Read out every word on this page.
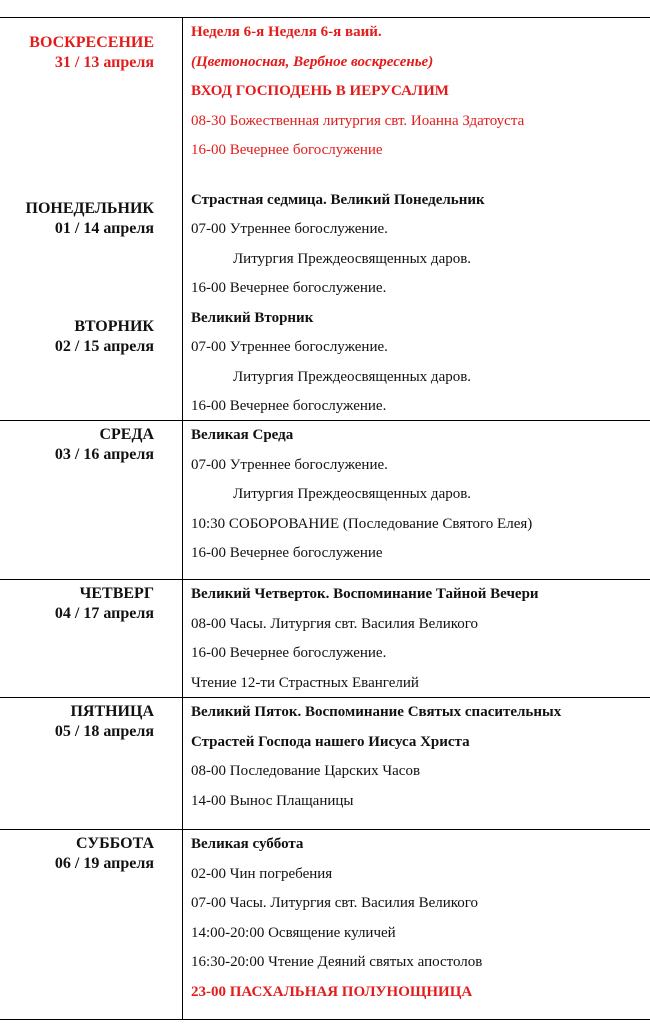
ВОСКРЕСЕНИЕ
31 / 13 апреля
ПОНЕДЕЛЬНИК
01 / 14 апреля
ВТОРНИК
02 / 15 апреля
Неделя 6-я Неделя 6-я ваий.
(Цветоносная, Вербное воскресенье)
ВХОД ГОСПОДЕНЬ В ИЕРУСАЛИМ
08-30 Божественная литургия свт. Иоанна Здатоуста
16-00 Вечернее богослужение
Страстная седмица. Великий Понедельник
07-00 Утреннее богослужение.
Литургия Преждеосвященных даров.
16-00 Вечернее богослужение.
Великий Вторник
07-00 Утреннее богослужение.
Литургия Преждеосвященных даров.
16-00 Вечернее богослужение.
СРЕДА
03 / 16 апреля
Великая Среда
07-00 Утреннее богослужение.
Литургия Преждеосвященных даров.
10:30 СОБОРОВАНИЕ (Последование Святого Елея)
16-00 Вечернее богослужение
ЧЕТВЕРГ
04 / 17 апреля
Великий Четверток. Воспоминание Тайной Вечери
08-00 Часы. Литургия свт. Василия Великого
16-00 Вечернее богослужение.
Чтение 12-ти Страстных Евангелий
ПЯТНИЦА
05 / 18 апреля
Великий Пяток. Воспоминание Святых спасительных
Страстей Господа нашего Иисуса Христа
08-00 Последование Царских Часов
14-00 Вынос Плащаницы
СУББОТА
06 / 19 апреля
Великая суббота
02-00 Чин погребения
07-00 Часы. Литургия свт. Василия Великого
14:00-20:00 Освящение куличей
16:30-20:00 Чтение Деяний святых апостолов
23-00 ПАСХАЛЬНАЯ ПОЛУНОЩНИЦА
